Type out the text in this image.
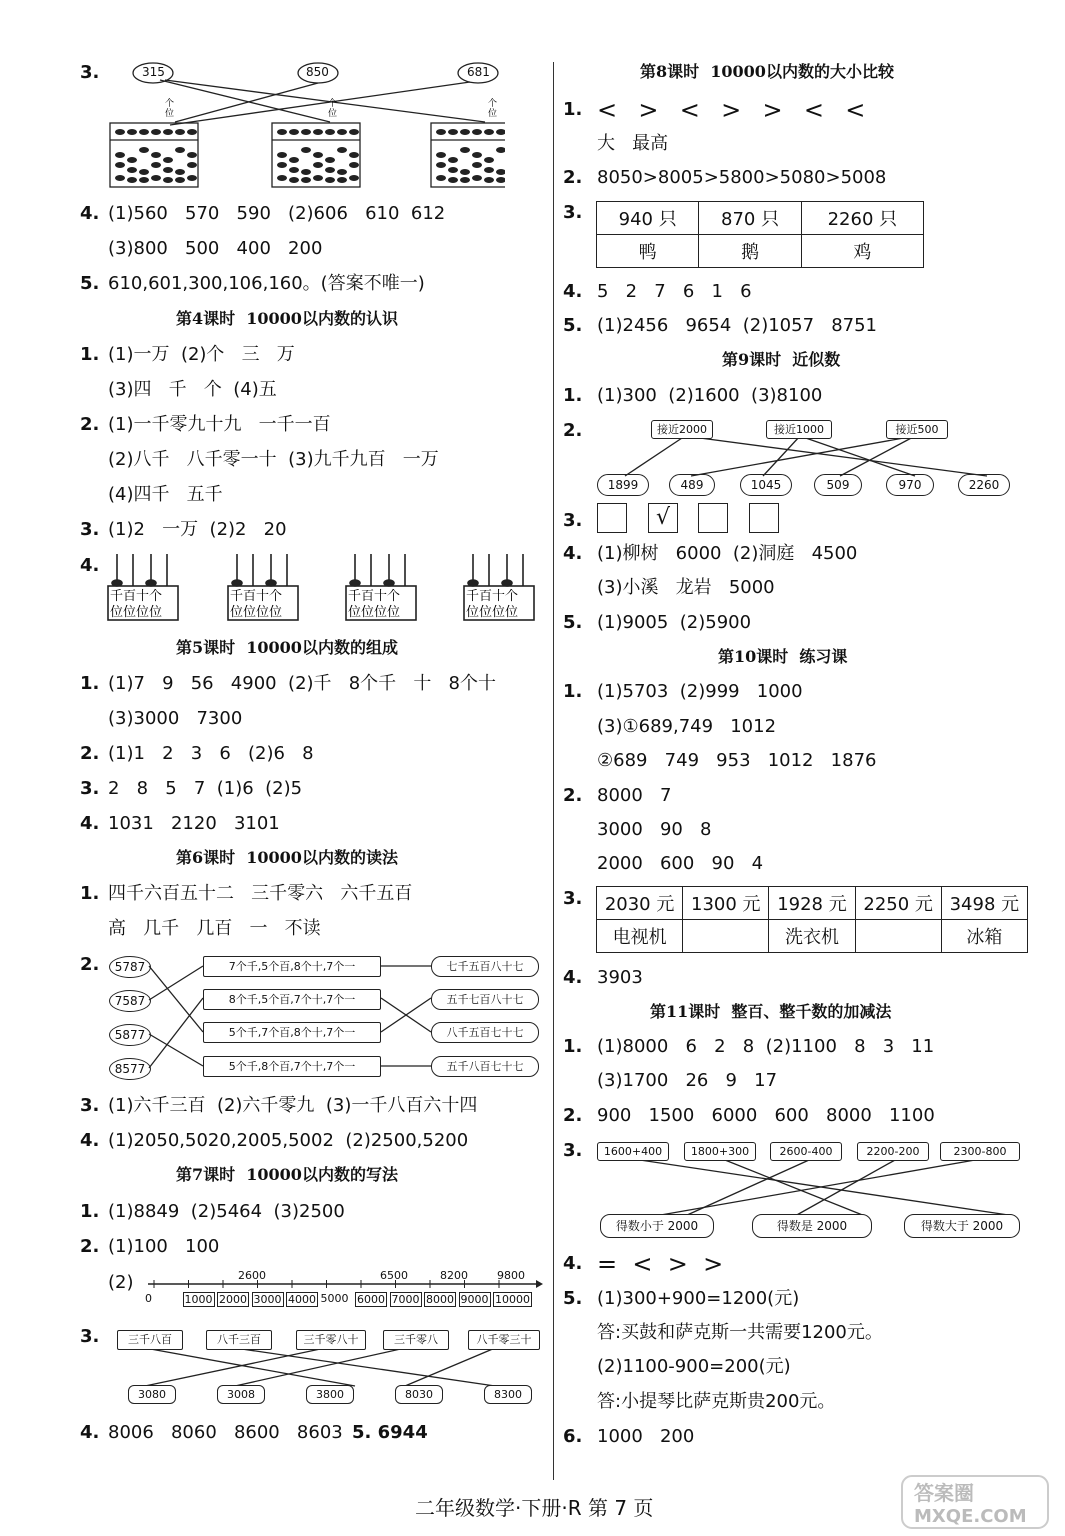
3.
个
位
个
位
个
位
315	850	681
4. (1)560   570   590   (2)606   610  612
(3)800   500   400   200
5. 610,601,300,106,160。(答案不唯一)
第4课时  10000以内数的认识
1. (1)一万  (2)个   三   万
(3)四   千   个  (4)五
2. (1)一千零九十九   一千一百
(2)八千   八千零一十  (3)九千九百   一万
(4)四千   五千
3. (1)2   一万  (2)2   20
4.
千百十个
位位位位
千百十个
位位位位
千百十个
位位位位
千百十个
位位位位
第5课时  10000以内数的组成
1. (1)7   9   56   4900  (2)千   8个千   十   8个十
(3)3000   7300
2. (1)1   2   3   6   (2)6   8
3. 2   8   5   7  (1)6  (2)5
4. 1031   2120   3101
第6课时  10000以内数的读法
1. 四千六百五十二   三千零六   六千五百
高   几千   几百   一   不读
2.	5787
7587
5877
8577
7个千,5个百,8个十,7个一
8个千,5个百,7个十,7个一
5个千,7个百,8个十,7个一
5个千,8个百,7个十,7个一
七千五百八十七
五千七百八十七
八千五百七十七
五千八百七十七
3. (1)六千三百  (2)六千零九  (3)一千八百六十四
4. (1)2050,5020,2005,5002  (2)2500,5200
第7课时  10000以内数的写法
1. (1)8849  (2)5464  (3)2500
2. (1)100   100
(2)	2600	6500	8200	9800
0	1000 2000 3000 4000 5000 6000 7000 8000 9000 10000
3.	三千八百	八千三百	三千零八十	三千零八	八千零三十
3080	3008	3800	8030	8300
4. 8006   8060   8600   8603 5. 6944
第8课时  10000以内数的大小比较
1. <  >  <  >  >  <  <
大   最高
2. 8050>8005>5800>5080>5008
3. 940 只	870 只	2260 只
鸭	鹅	鸡
4. 5   2   7   6   1   6
5. (1)2456   9654  (2)1057   8751
第9课时  近似数
1. (1)300  (2)1600  (3)8100
2.	接近2000	接近1000	接近500
1899	489	1045	509	970	2260
3.	√
4. (1)柳树   6000  (2)洞庭   4500
(3)小溪   龙岩   5000
5. (1)9005  (2)5900
第10课时  练习课
1. (1)5703  (2)999   1000
(3)①689,749   1012
②689   749   953   1012   1876
2. 8000   7
3000   90   8
2000   600   90   4
3. 2030 元	1300 元	1928 元	2250 元	3498 元
电视机		洗衣机		冰箱
4. 3903
第11课时  整百、整千数的加减法
1. (1)8000   6   2   8  (2)1100   8   3   11
(3)1700   26   9   17
2. 900   1500   6000   600   8000   1100
3.	1600+400	1800+300	2600-400	2200-200	2300-800
得数小于 2000	得数是 2000	得数大于 2000
4. =  <  >  >
5. (1)300+900=1200(元)
答:买鼓和萨克斯一共需要1200元。
(2)1100-900=200(元)
答:小提琴比萨克斯贵200元。
6. 1000   200
二年级数学·下册·R 第 7 页
答案圈
MXQE.COM
